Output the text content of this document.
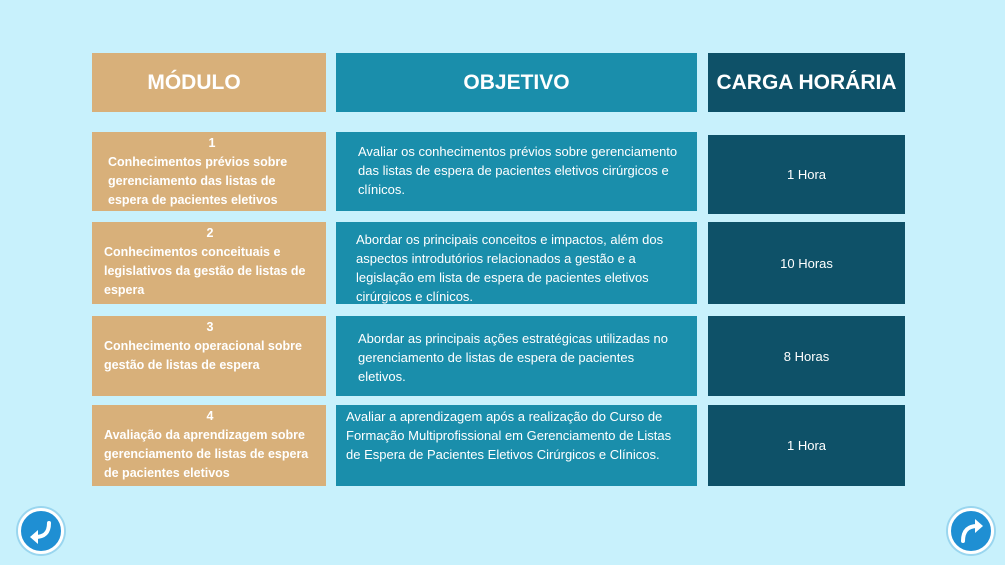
MÓDULO	OBJETIVO	CARGA HORÁRIA
1
Conhecimentos prévios sobre gerenciamento das listas de espera de pacientes eletivos
Avaliar os conhecimentos prévios sobre gerenciamento das listas de espera de pacientes eletivos cirúrgicos e clínicos.
1 Hora
2
Conhecimentos conceituais e legislativos da gestão de listas de espera
Abordar os principais conceitos e impactos, além dos aspectos introdutórios relacionados a gestão e a legislação em lista de espera de pacientes eletivos cirúrgicos e clínicos.
10 Horas
3
Conhecimento operacional sobre gestão de listas de espera
Abordar as principais ações estratégicas utilizadas no gerenciamento de listas de espera de pacientes eletivos.
8 Horas
4
Avaliação da aprendizagem sobre gerenciamento de listas de espera de pacientes eletivos
Avaliar a aprendizagem após a realização do Curso de Formação Multiprofissional em Gerenciamento de Listas de Espera de Pacientes Eletivos Cirúrgicos e Clínicos.
1 Hora
